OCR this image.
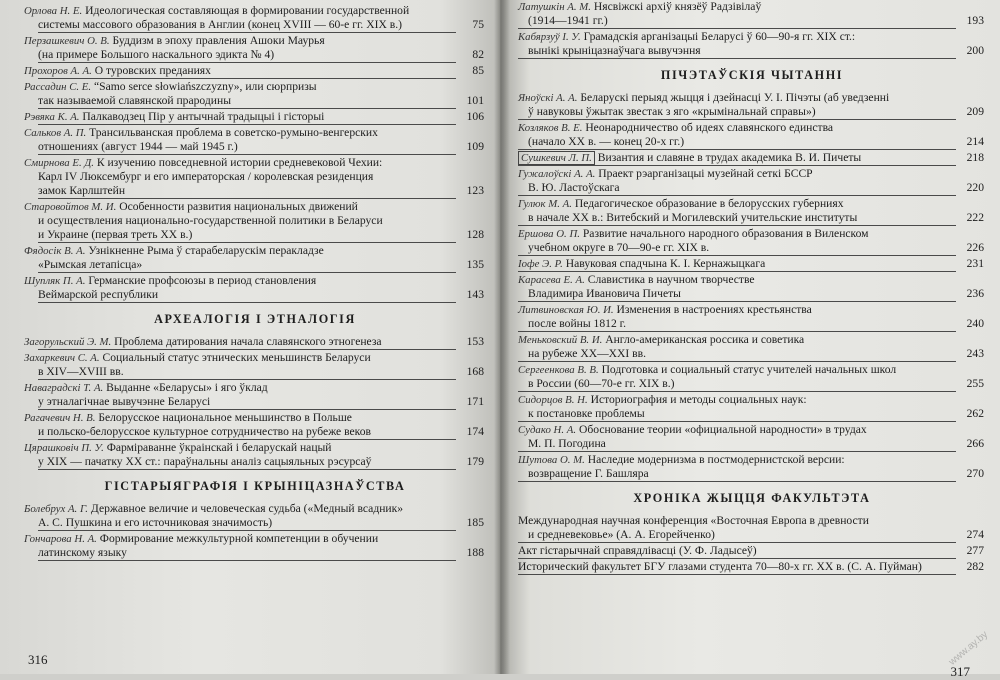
Орлова Н. Е. Идеологическая составляющая в формировании государственной
системы массового образования в Англии (конец XVIII — 60-е гг. XIX в.)	75
Перзашкевич О. В. Буддизм в эпоху правления Ашоки Маурья
(на примере Большого наскального эдикта № 4)	82
Прохоров А. А. О туровских преданиях	85
Рассадин С. Е. “Samo serce słowiańszczyzny», или сюрпризы
так называемой славянской прародины	101
Рэвяка К. А. Палкаводзец Пір у антычнай традыцыі і гісторыі	106
Сальков А. П. Трансильванская проблема в советско-румыно-венгерских
отношениях (август 1944 — май 1945 г.)	109
Смирнова Е. Д. К изучению повседневной истории средневековой Чехии:
Карл IV Люксембург и его императорская / королевская резиденция
замок Карлштейн	123
Старовойтов М. И. Особенности развития национальных движений
и осуществления национально-государственной политики в Беларуси
и Украине (первая треть XX в.)	128
Фядосік В. А. Узнікненне Рыма ў старабеларускім перакладзе
«Рымская летапісца»	135
Шупляк П. А. Германские профсоюзы в период становления
Веймарской республики	143
АРХЕАЛОГІЯ І ЭТНАЛОГІЯ
Загорульский Э. М. Проблема датирования начала славянского этногенеза	153
Захаркевич С. А. Социальный статус этнических меньшинств Беларуси
в XIV—XVIII вв.	168
Наваградскі Т. А. Выданне «Беларусы» і яго ўклад
у этналагічнае вывучэнне Беларусі	171
Рагачевич Н. В. Белорусское национальное меньшинство в Польше
и польско-белорусское культурное сотрудничество на рубеже веков	174
Цярашковіч П. У. Фарміраванне ўкраінскай і беларускай нацый
у XIX — пачатку XX ст.: параўнальны аналіз сацыяльных рэсурсаў	179
ГІСТАРЫЯГРАФІЯ І КРЫНІЦАЗНАЎСТВА
Болебрух А. Г. Державное величие и человеческая судьба («Медный всадник»
А. С. Пушкина и его источниковая значимость)	185
Гончарова Н. А. Формирование межкультурной компетенции в обучении
латинскому языку	188
Латушкін А. М. Нясвіжскі архіў князёў Радзівілаў
(1914—1941 гг.)	193
Кабярзуў І. У. Грамадскія арганізацыі Беларусі ў 60—90-я гг. XIX ст.:
вынікі крыніцазнаўчага вывучэння	200
ПІЧЭТАЎСКІЯ ЧЫТАННІ
Яноўскі А. А. Беларускі перыяд жыцця і дзейнасці У. І. Пічэты (аб уведзенні
ў навуковы ўжытак звестак з яго «крымінальнай справы»)	209
Козляков В. Е. Неонародничество об идеях славянского единства
(начало XX в. — конец 20-х гг.)	214
Сушкевич Л. П. Византия и славяне в трудах академика В. И. Пичеты	218
Гужалоўскі А. А. Праект рэарганізацыі музейнай сеткі БССР
В. Ю. Ластоўскага	220
Гулюк М. А. Педагогическое образование в белорусских губерниях
в начале XX в.: Витебский и Могилевский учительские институты	222
Ершова О. П. Развитие начального народного образования в Виленском
учебном округе в 70—90-е гг. XIX в.	226
Іофе Э. Р. Навуковая спадчына К. І. Кернажыцкага	231
Карасева Е. А. Славистика в научном творчестве
Владимира Ивановича Пичеты	236
Литвиновская Ю. И. Изменения в настроениях крестьянства
после войны 1812 г.	240
Меньковский В. И. Англо-американская россика и советика
на рубеже XX—XXI вв.	243
Сергеенкова В. В. Подготовка и социальный статус учителей начальных школ
в России (60—70-е гг. XIX в.)	255
Сидорцов В. Н. Историография и методы социальных наук:
к постановке проблемы	262
Судако Н. А. Обоснование теории «официальной народности» в трудах
М. П. Погодина	266
Шутова О. М. Наследие модернизма в постмодернистской версии:
возвращение Г. Башляра	270
ХРОНІКА ЖЫЦЦЯ ФАКУЛЬТЭТА
Международная научная конференция «Восточная Европа в древности
и средневековье» (А. А. Егорейченко)	274
Акт гістарычнай справядлівасці (У. Ф. Ладысеў)	277
Исторический факультет БГУ глазами студента 70—80-х гг. XX в. (С. А. Пуйман)	282
316
317
www.ay.by
